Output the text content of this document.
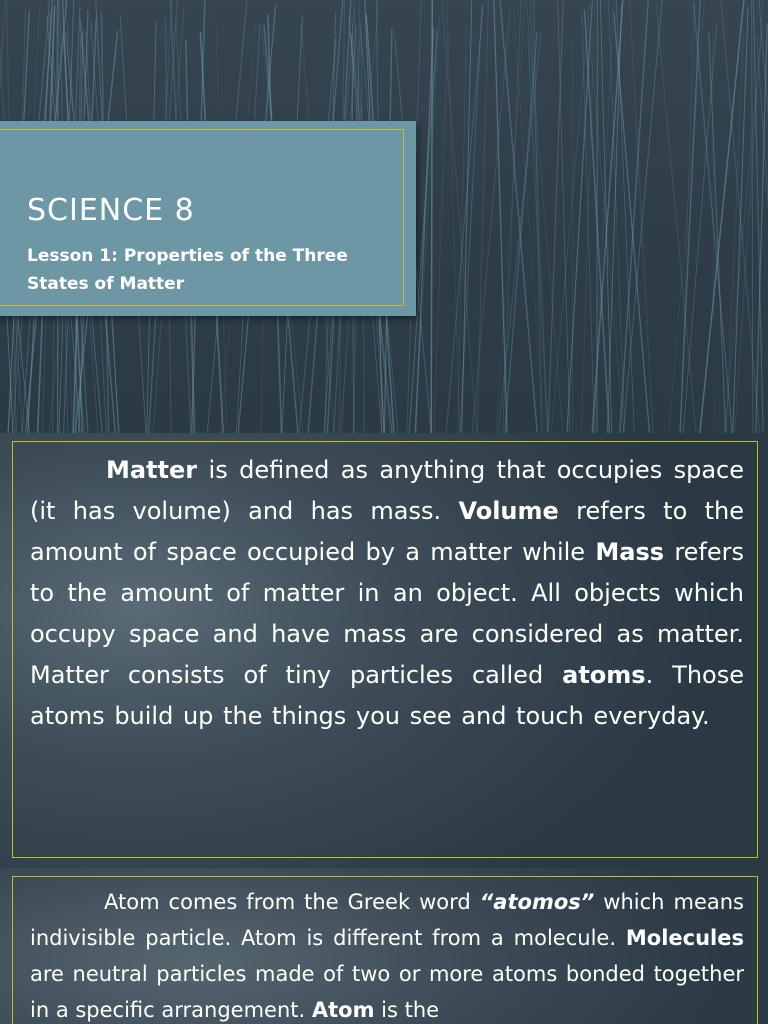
SCIENCE 8

Lesson 1: Properties of the Three States of Matter

Matter is defined as anything that occupies space (it has volume) and has mass. Volume refers to the amount of space occupied by a matter while Mass refers to the amount of matter in an object. All objects which occupy space and have mass are considered as matter. Matter consists of tiny particles called atoms. Those atoms build up the things you see and touch everyday.

Atom comes from the Greek word “atomos” which means indivisible particle. Atom is different from a molecule. Molecules are neutral particles made of two or more atoms bonded together in a specific arrangement. Atom is the
